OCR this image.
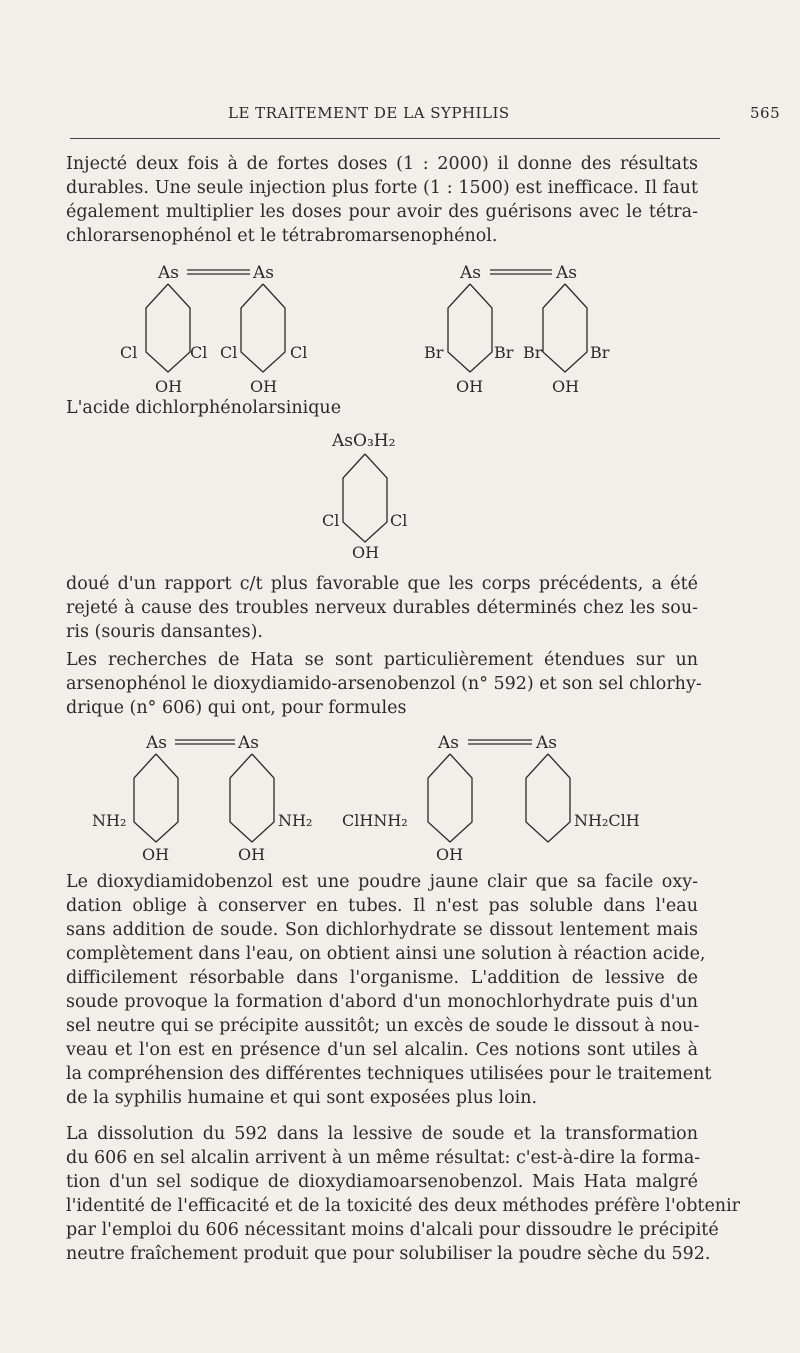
LE TRAITEMENT DE LA SYPHILIS	565
Injecté deux fois à de fortes doses (1 : 2000) il donne des résultats
durables. Une seule injection plus forte (1 : 1500) est inefficace. Il faut
également multiplier les doses pour avoir des guérisons avec le tétra-
chlorarsenophénol et le tétrabromarsenophénol.
As	As
Cl	Cl Cl	Cl
OH	OH
As	As
Br	Br Br	Br
OH	OH
AsO₃H₂
Cl	Cl
OH
As	As
NH₂	NH₂
OH	OH
As	As
ClHNH₂	NH₂ClH
OH
L'acide dichlorphénolarsinique
doué d'un rapport c/t plus favorable que les corps précédents, a été
rejeté à cause des troubles nerveux durables déterminés chez les sou-
ris (souris dansantes).
Les recherches de Hata se sont particulièrement étendues sur un
arsenophénol le dioxydiamido-arsenobenzol (n° 592) et son sel chlorhy-
drique (n° 606) qui ont, pour formules
Le dioxydiamidobenzol est une poudre jaune clair que sa facile oxy-
dation oblige à conserver en tubes. Il n'est pas soluble dans l'eau
sans addition de soude. Son dichlorhydrate se dissout lentement mais
complètement dans l'eau, on obtient ainsi une solution à réaction acide,
difficilement résorbable dans l'organisme. L'addition de lessive de
soude provoque la formation d'abord d'un monochlorhydrate puis d'un
sel neutre qui se précipite aussitôt; un excès de soude le dissout à nou-
veau et l'on est en présence d'un sel alcalin. Ces notions sont utiles à
la compréhension des différentes techniques utilisées pour le traitement
de la syphilis humaine et qui sont exposées plus loin.
La dissolution du 592 dans la lessive de soude et la transformation
du 606 en sel alcalin arrivent à un même résultat: c'est-à-dire la forma-
tion d'un sel sodique de dioxydiamoarsenobenzol. Mais Hata malgré
l'identité de l'efficacité et de la toxicité des deux méthodes préfère l'obtenir
par l'emploi du 606 nécessitant moins d'alcali pour dissoudre le précipité
neutre fraîchement produit que pour solubiliser la poudre sèche du 592.
